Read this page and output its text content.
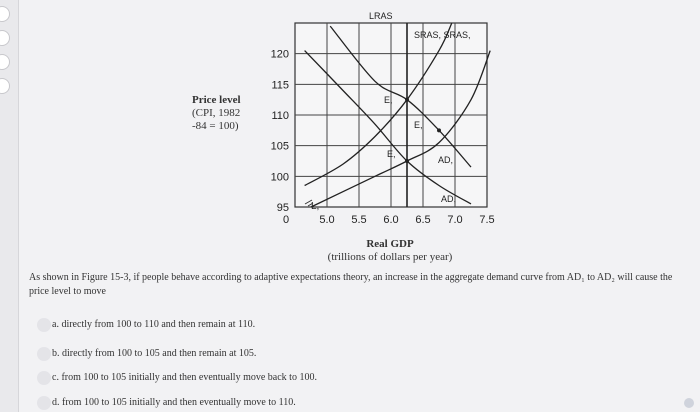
Price level
(CPI, 1982
-84 = 100)
120
115
110
105
100
95
5.0 5.5 6.0 6.5 7.0 7.5
0
LRAS
SRAS, SRAS,
AD,
AD,
E,
E,
E,
L,
Real GDP
(trillions of dollars per year)
As shown in Figure 15-3, if people behave according to adaptive expectations theory, an increase in the aggregate demand curve from AD₁ to AD₂ will cause the price level to move
a. directly from 100 to 110 and then remain at 110.
b. directly from 100 to 105 and then remain at 105.
c. from 100 to 105 initially and then eventually move back to 100.
d. from 100 to 105 initially and then eventually move to 110.
